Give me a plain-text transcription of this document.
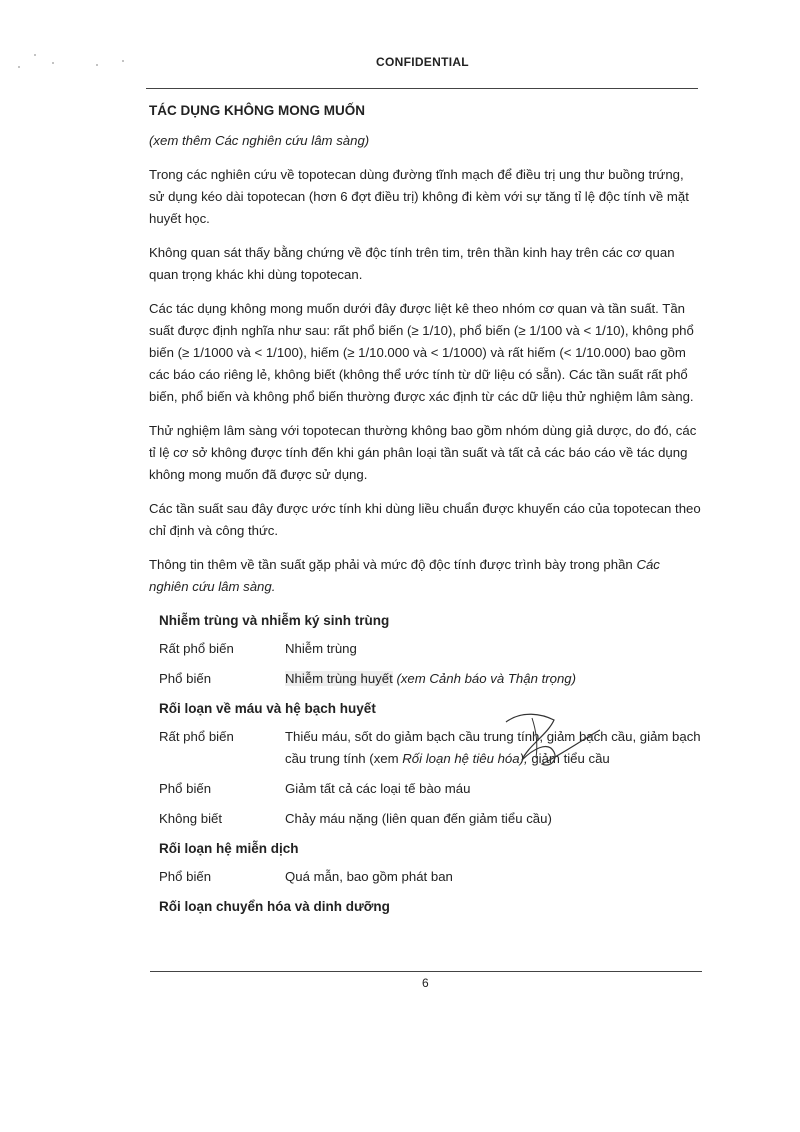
CONFIDENTIAL
TÁC DỤNG KHÔNG MONG MUỐN
(xem thêm Các nghiên cứu lâm sàng)
Trong các nghiên cứu về topotecan dùng đường tĩnh mạch để điều trị ung thư buồng trứng, sử dụng kéo dài topotecan (hơn 6 đợt điều trị) không đi kèm với sự tăng tỉ lệ độc tính về mặt huyết học.
Không quan sát thấy bằng chứng về độc tính trên tim, trên thần kinh hay trên các cơ quan quan trọng khác khi dùng topotecan.
Các tác dụng không mong muốn dưới đây được liệt kê theo nhóm cơ quan và tần suất. Tần suất được định nghĩa như sau: rất phổ biến (≥ 1/10), phổ biến (≥ 1/100 và < 1/10), không phổ biến (≥ 1/1000 và < 1/100), hiếm (≥ 1/10.000 và < 1/1000) và rất hiếm (< 1/10.000) bao gồm các báo cáo riêng lẻ, không biết (không thể ước tính từ dữ liệu có sẵn). Các tần suất rất phổ biến, phổ biến và không phổ biến thường được xác định từ các dữ liệu thử nghiệm lâm sàng.
Thử nghiệm lâm sàng với topotecan thường không bao gồm nhóm dùng giả dược, do đó, các tỉ lệ cơ sở không được tính đến khi gán phân loại tần suất và tất cả các báo cáo về tác dụng không mong muốn đã được sử dụng.
Các tần suất sau đây được ước tính khi dùng liều chuẩn được khuyến cáo của topotecan theo chỉ định và công thức.
Thông tin thêm về tần suất gặp phải và mức độ độc tính được trình bày trong phần Các nghiên cứu lâm sàng.
Nhiễm trùng và nhiễm ký sinh trùng
Rất phổ biến	Nhiễm trùng
Phổ biến	Nhiễm trùng huyết (xem Cảnh báo và Thận trọng)
Rối loạn về máu và hệ bạch huyết
Rất phổ biến	Thiếu máu, sốt do giảm bạch cầu trung tính, giảm bạch cầu, giảm bạch cầu trung tính (xem Rối loạn hệ tiêu hóa), giảm tiểu cầu
Phổ biến	Giảm tất cả các loại tế bào máu
Không biết	Chảy máu nặng (liên quan đến giảm tiểu cầu)
Rối loạn hệ miễn dịch
Phổ biến	Quá mẫn, bao gồm phát ban
Rối loạn chuyển hóa và dinh dưỡng
6
